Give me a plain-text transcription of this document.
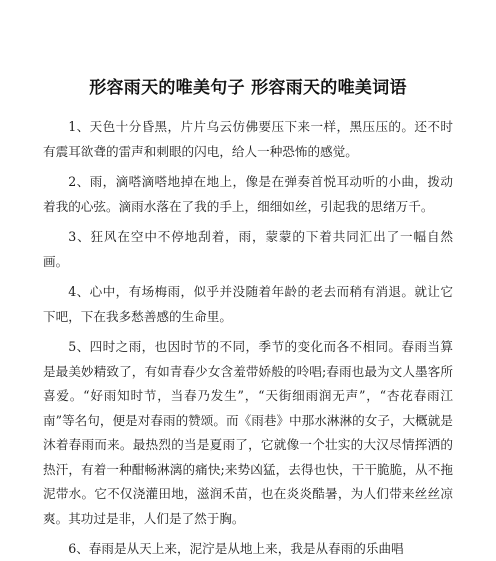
形容雨天的唯美句子 形容雨天的唯美词语

1、天色十分昏黑，片片乌云仿佛要压下来一样，黑压压的。还不时有震耳欲聋的雷声和刺眼的闪电，给人一种恐怖的感觉。

2、雨，滴嗒滴嗒地掉在地上，像是在弹奏首悦耳动听的小曲，拨动着我的心弦。滴雨水落在了我的手上，细细如丝，引起我的思绪万千。

3、狂风在空中不停地刮着，雨，蒙蒙的下着共同汇出了一幅自然画。

4、心中，有场梅雨，似乎并没随着年龄的老去而稍有消退。就让它下吧，下在我多愁善感的生命里。

5、四时之雨，也因时节的不同，季节的变化而各不相同。春雨当算是最美妙精致了，有如青春少女含羞带娇般的呤唱;春雨也最为文人墨客所喜爱。“好雨知时节，当春乃发生”，“天街细雨润无声”，“杏花春雨江南”等名句，便是对春雨的赞颂。而《雨巷》中那水淋淋的女子，大概就是沐着春雨而来。最热烈的当是夏雨了，它就像一个壮实的大汉尽情挥洒的热汗，有着一种酣畅淋漓的痛快;来势凶猛，去得也快，干干脆脆，从不拖泥带水。它不仅浇灌田地，滋润禾苗，也在炎炎酷暑，为人们带来丝丝凉爽。其功过是非，人们是了然于胸。

6、春雨是从天上来，泥泞是从地上来，我是从春雨的乐曲唱
